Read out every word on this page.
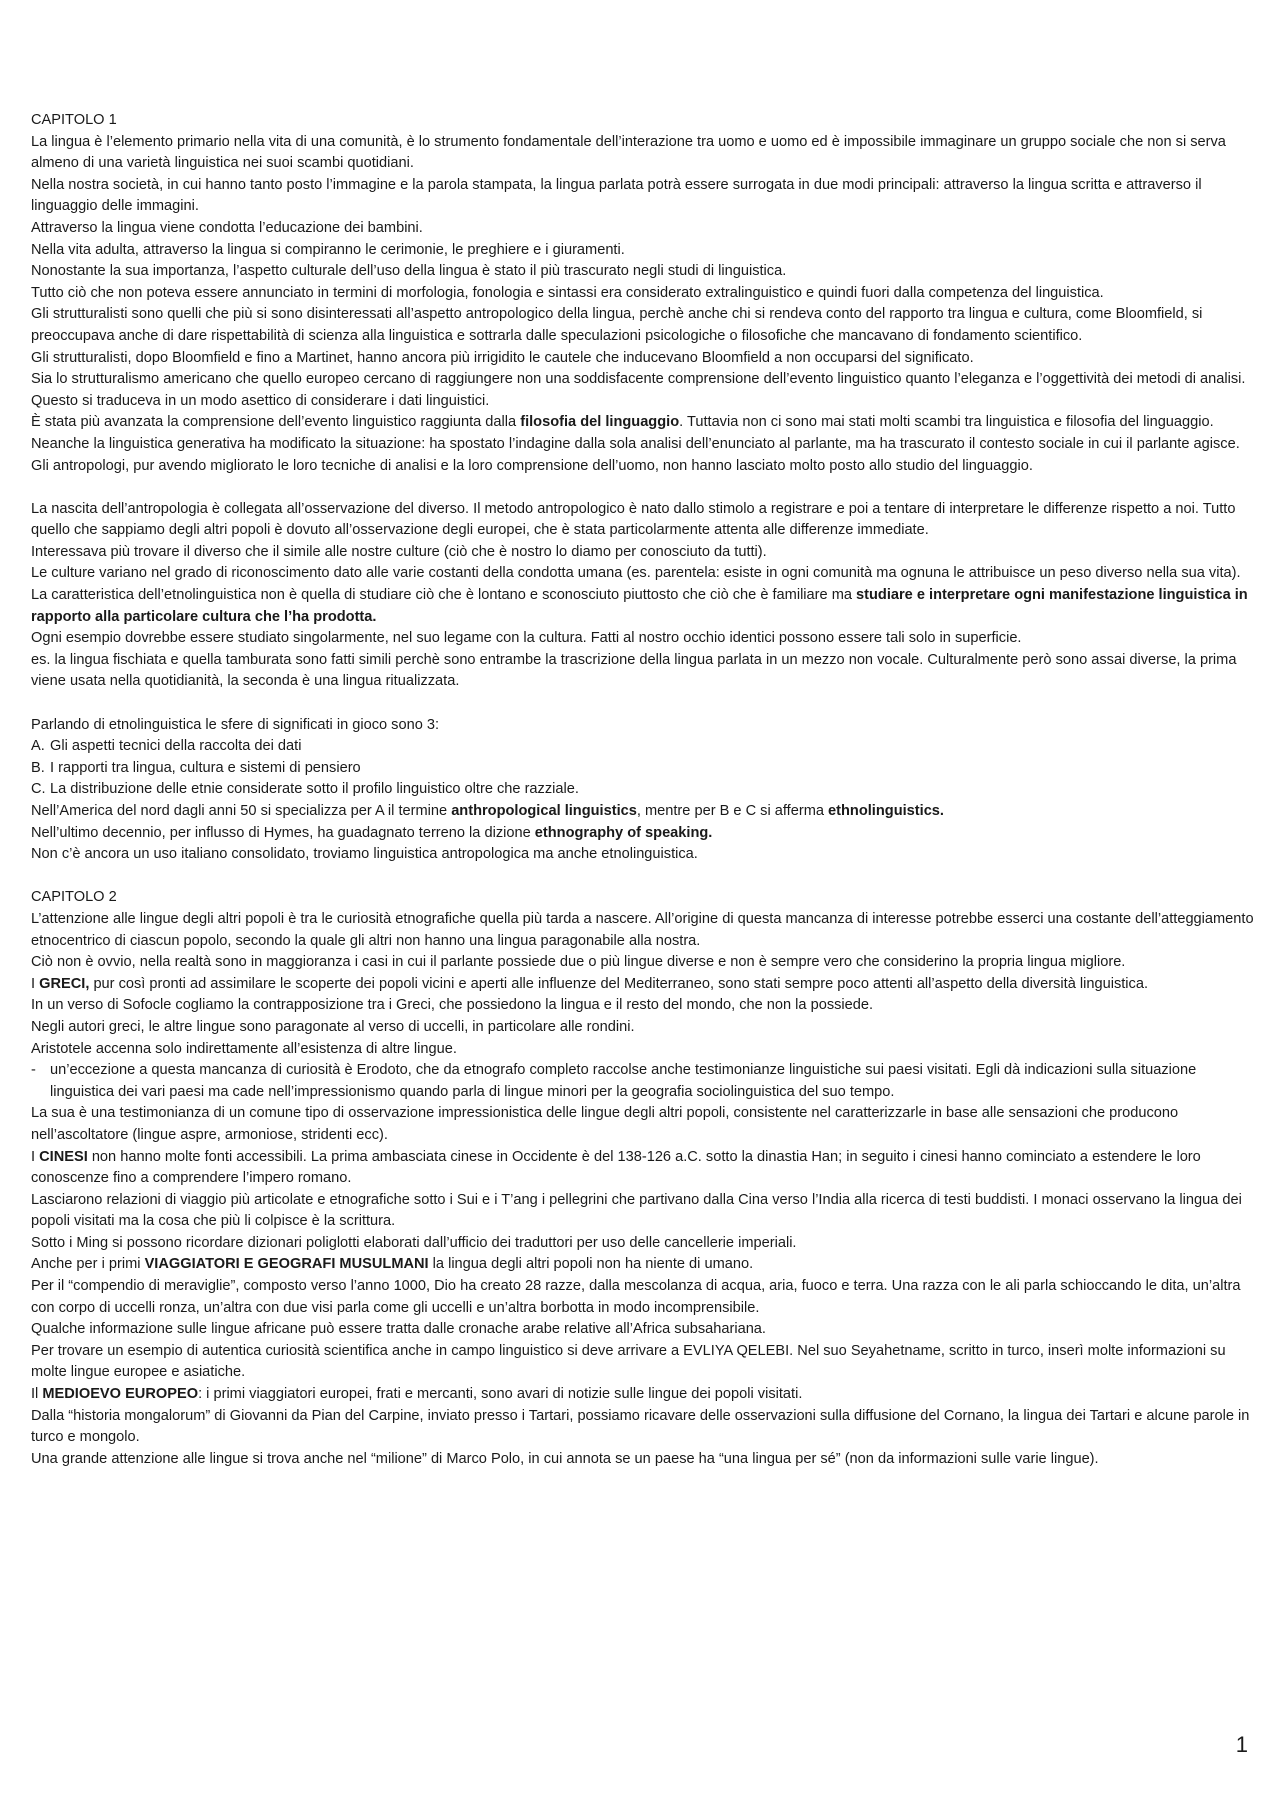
CAPITOLO 1

La lingua è l’elemento primario nella vita di una comunità, è lo strumento fondamentale dell’interazione tra uomo e uomo ed è impossibile immaginare un gruppo sociale che non si serva almeno di una varietà linguistica nei suoi scambi quotidiani.

Nella nostra società, in cui hanno tanto posto l’immagine e la parola stampata, la lingua parlata potrà essere surrogata in due modi principali: attraverso la lingua scritta e attraverso il linguaggio delle immagini.

Attraverso la lingua viene condotta l’educazione dei bambini.

Nella vita adulta, attraverso la lingua si compiranno le cerimonie, le preghiere e i giuramenti.

Nonostante la sua importanza, l’aspetto culturale dell’uso della lingua è stato il più trascurato negli studi di linguistica.

Tutto ciò che non poteva essere annunciato in termini di morfologia, fonologia e sintassi era considerato extralinguistico e quindi fuori dalla competenza del linguistica.

Gli strutturalisti sono quelli che più si sono disinteressati all’aspetto antropologico della lingua, perchè anche chi si rendeva conto del rapporto tra lingua e cultura, come Bloomfield, si preoccupava anche di dare rispettabilità di scienza alla linguistica e sottrarla dalle speculazioni psicologiche o filosofiche che mancavano di fondamento scientifico.

Gli strutturalisti, dopo Bloomfield e fino a Martinet, hanno ancora più irrigidito le cautele che inducevano Bloomfield a non occuparsi del significato.

Sia lo strutturalismo americano che quello europeo cercano di raggiungere non una soddisfacente comprensione dell’evento linguistico quanto l’eleganza e l’oggettività dei metodi di analisi. Questo si traduceva in un modo asettico di considerare i dati linguistici.

È stata più avanzata la comprensione dell’evento linguistico raggiunta dalla filosofia del linguaggio. Tuttavia non ci sono mai stati molti scambi tra linguistica e filosofia del linguaggio.

Neanche la linguistica generativa ha modificato la situazione: ha spostato l’indagine dalla sola analisi dell’enunciato al parlante, ma ha trascurato il contesto sociale in cui il parlante agisce.

Gli antropologi, pur avendo migliorato le loro tecniche di analisi e la loro comprensione dell’uomo, non hanno lasciato molto posto allo studio del linguaggio.

La nascita dell’antropologia è collegata all’osservazione del diverso. Il metodo antropologico è nato dallo stimolo a registrare e poi a tentare di interpretare le differenze rispetto a noi. Tutto quello che sappiamo degli altri popoli è dovuto all’osservazione degli europei, che è stata particolarmente attenta alle differenze immediate.

Interessava più trovare il diverso che il simile alle nostre culture (ciò che è nostro lo diamo per conosciuto da tutti).

Le culture variano nel grado di riconoscimento dato alle varie costanti della condotta umana (es. parentela: esiste in ogni comunità ma ognuna le attribuisce un peso diverso nella sua vita).

La caratteristica dell’etnolinguistica non è quella di studiare ciò che è lontano e sconosciuto piuttosto che ciò che è familiare ma studiare e interpretare ogni manifestazione linguistica in rapporto alla particolare cultura che l’ha prodotta.

Ogni esempio dovrebbe essere studiato singolarmente, nel suo legame con la cultura. Fatti al nostro occhio identici possono essere tali solo in superficie.

es. la lingua fischiata e quella tamburata sono fatti simili perchè sono entrambe la trascrizione della lingua parlata in un mezzo non vocale. Culturalmente però sono assai diverse, la prima viene usata nella quotidianità, la seconda è una lingua ritualizzata.

Parlando di etnolinguistica le sfere di significati in gioco sono 3:

A. Gli aspetti tecnici della raccolta dei dati
B. I rapporti tra lingua, cultura e sistemi di pensiero
C. La distribuzione delle etnie considerate sotto il profilo linguistico oltre che razziale.

Nell’America del nord dagli anni 50 si specializza per A il termine anthropological linguistics, mentre per B e C si afferma ethnolinguistics.

Nell’ultimo decennio, per influsso di Hymes, ha guadagnato terreno la dizione ethnography of speaking.

Non c’è ancora un uso italiano consolidato, troviamo linguistica antropologica ma anche etnolinguistica.

CAPITOLO 2

L’attenzione alle lingue degli altri popoli è tra le curiosità etnografiche quella più tarda a nascere. All’origine di questa mancanza di interesse potrebbe esserci una costante dell’atteggiamento etnocentrico di ciascun popolo, secondo la quale gli altri non hanno una lingua paragonabile alla nostra.

Ciò non è ovvio, nella realtà sono in maggioranza i casi in cui il parlante possiede due o più lingue diverse e non è sempre vero che considerino la propria lingua migliore.

I GRECI, pur così pronti ad assimilare le scoperte dei popoli vicini e aperti alle influenze del Mediterraneo, sono stati sempre poco attenti all’aspetto della diversità linguistica.

In un verso di Sofocle cogliamo la contrapposizione tra i Greci, che possiedono la lingua e il resto del mondo, che non la possiede.

Negli autori greci, le altre lingue sono paragonate al verso di uccelli, in particolare alle rondini.

Aristotele accenna solo indirettamente all’esistenza di altre lingue.

- un’eccezione a questa mancanza di curiosità è Erodoto, che da etnografo completo raccolse anche testimonianze linguistiche sui paesi visitati. Egli dà indicazioni sulla situazione linguistica dei vari paesi ma cade nell’impressionismo quando parla di lingue minori per la geografia sociolinguistica del suo tempo.

La sua è una testimonianza di un comune tipo di osservazione impressionistica delle lingue degli altri popoli, consistente nel caratterizzarle in base alle sensazioni che producono nell’ascoltatore (lingue aspre, armoniose, stridenti ecc).

I CINESI non hanno molte fonti accessibili. La prima ambasciata cinese in Occidente è del 138-126 a.C. sotto la dinastia Han; in seguito i cinesi hanno cominciato a estendere le loro conoscenze fino a comprendere l’impero romano.

Lasciarono relazioni di viaggio più articolate e etnografiche sotto i Sui e i T’ang i pellegrini che partivano dalla Cina verso l’India alla ricerca di testi buddisti. I monaci osservano la lingua dei popoli visitati ma la cosa che più li colpisce è la scrittura.

Sotto i Ming si possono ricordare dizionari poliglotti elaborati dall’ufficio dei traduttori per uso delle cancellerie imperiali.

Anche per i primi VIAGGIATORI E GEOGRAFI MUSULMANI la lingua degli altri popoli non ha niente di umano.

Per il “compendio di meraviglie”, composto verso l’anno 1000, Dio ha creato 28 razze, dalla mescolanza di acqua, aria, fuoco e terra. Una razza con le ali parla schioccando le dita, un’altra con corpo di uccelli ronza, un’altra con due visi parla come gli uccelli e un’altra borbotta in modo incomprensibile.

Qualche informazione sulle lingue africane può essere tratta dalle cronache arabe relative all’Africa subsahariana.

Per trovare un esempio di autentica curiosità scientifica anche in campo linguistico si deve arrivare a EVLIYA QELEBI. Nel suo Seyahetname, scritto in turco, inserì molte informazioni su molte lingue europee e asiatiche.

Il MEDIOEVO EUROPEO: i primi viaggiatori europei, frati e mercanti, sono avari di notizie sulle lingue dei popoli visitati.

Dalla “historia mongalorum” di Giovanni da Pian del Carpine, inviato presso i Tartari, possiamo ricavare delle osservazioni sulla diffusione del Cornano, la lingua dei Tartari e alcune parole in turco e mongolo.

Una grande attenzione alle lingue si trova anche nel “milione” di Marco Polo, in cui annota se un paese ha “una lingua per sé” (non da informazioni sulle varie lingue).

1
